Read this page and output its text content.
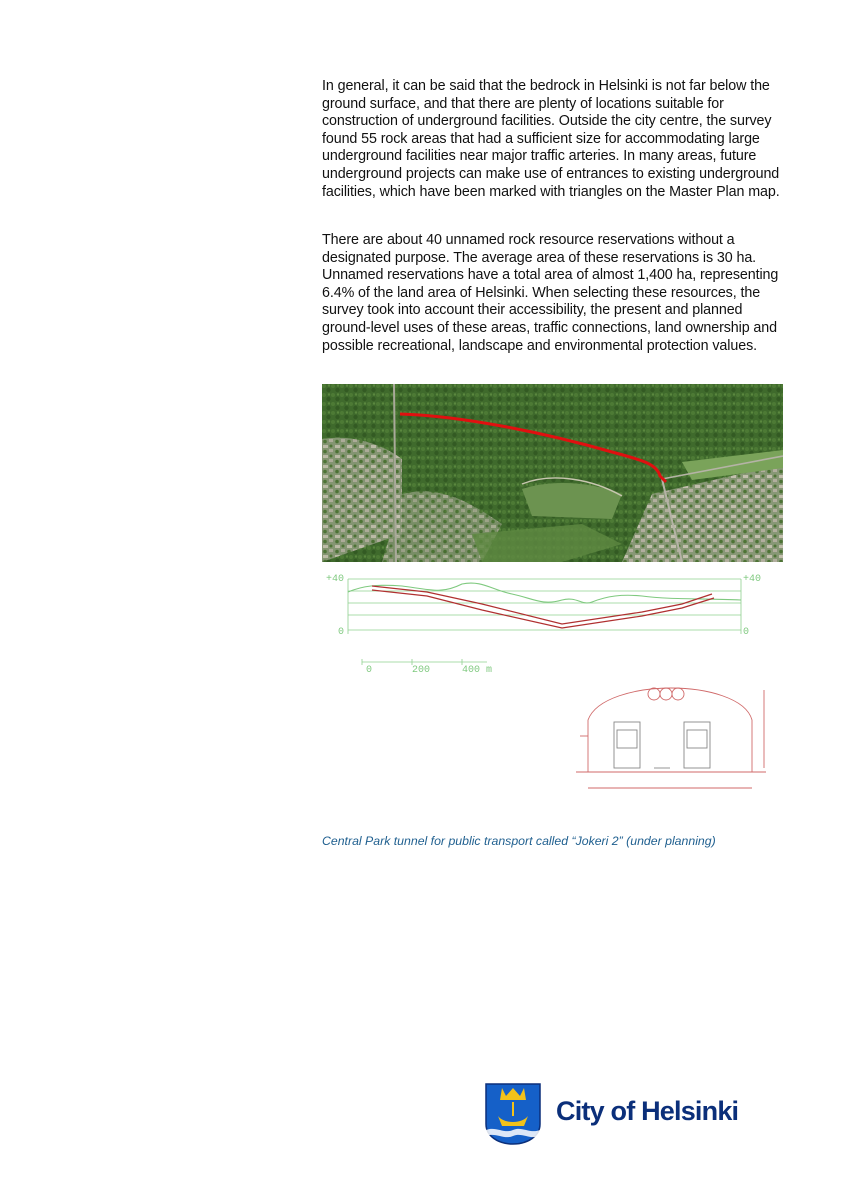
In general, it can be said that the bedrock in Helsinki is not far below the ground surface, and that there are plenty of locations suitable for construction of underground facilities. Outside the city centre, the survey found 55 rock areas that had a sufficient size for accommodating large underground facilities near major traffic arteries. In many areas, future underground projects can make use of entrances to existing underground facilities, which have been marked with triangles on the Master Plan map.

There are about 40 unnamed rock resource reservations without a designated purpose. The average area of these reservations is 30 ha. Unnamed reservations have a total area of almost 1,400 ha, representing 6.4% of the land area of Helsinki. When selecting these resources, the survey took into account their accessibility, the present and planned ground-level uses of these areas, traffic connections, land ownership and possible recreational, landscape and environmental protection values.

+40	+40
0	0
0	200	400 m

Central Park tunnel for public transport called “Jokeri 2” (under planning)

City of Helsinki
